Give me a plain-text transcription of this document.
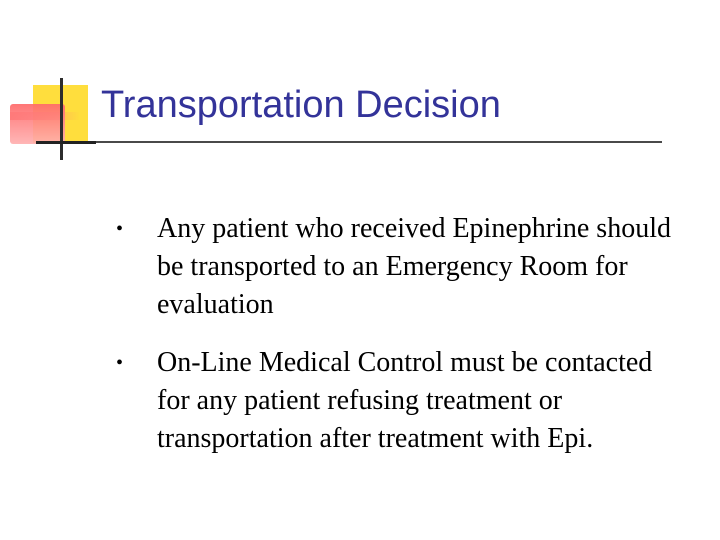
Transportation Decision
• Any patient who received Epinephrine should be transported to an Emergency Room for evaluation
• On-Line Medical Control must be contacted for any patient refusing treatment or transportation after treatment with Epi.
